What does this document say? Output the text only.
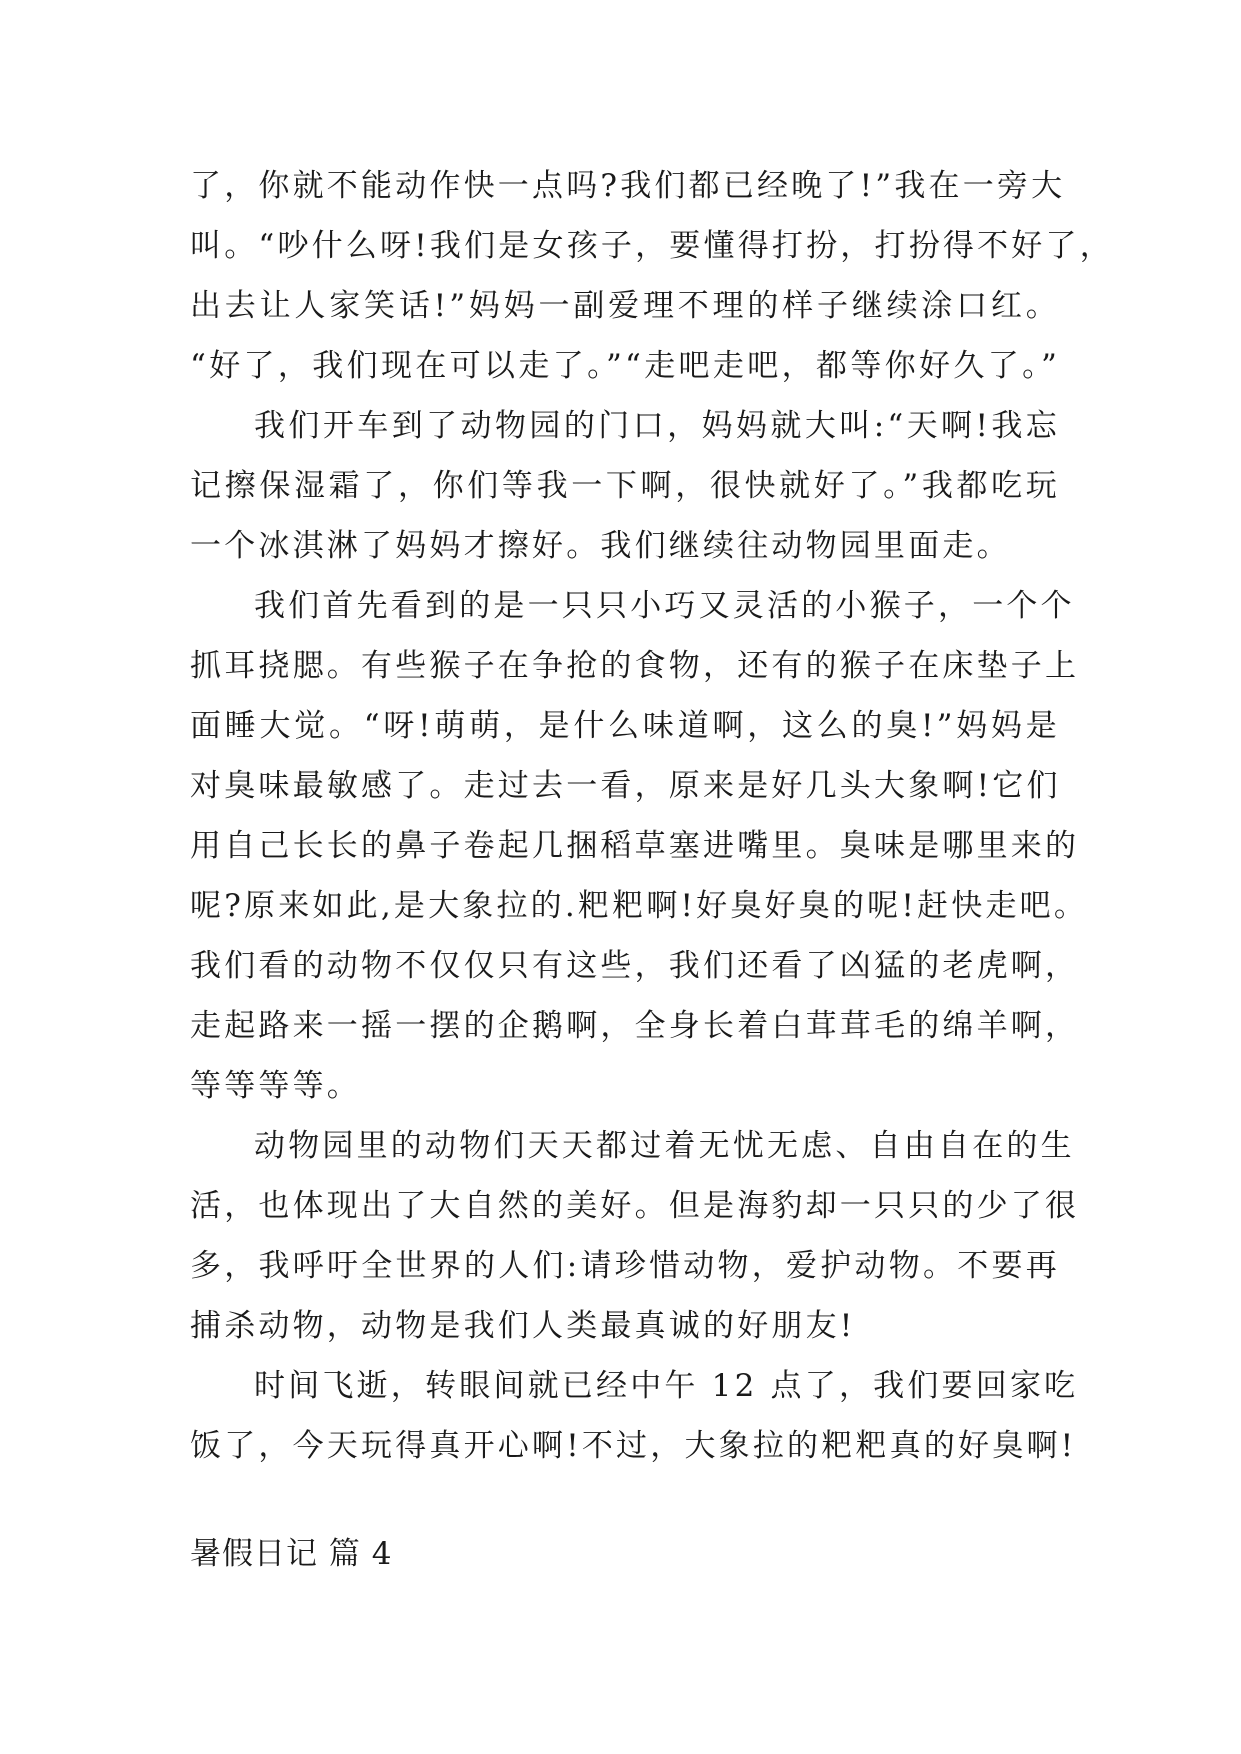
了，你就不能动作快一点吗?我们都已经晚了!”我在一旁大
叫。“吵什么呀!我们是女孩子，要懂得打扮，打扮得不好了，
出去让人家笑话!”妈妈一副爱理不理的样子继续涂口红。
“好了，我们现在可以走了。”“走吧走吧，都等你好久了。”
我们开车到了动物园的门口，妈妈就大叫:“天啊!我忘
记擦保湿霜了，你们等我一下啊，很快就好了。”我都吃玩
一个冰淇淋了妈妈才擦好。我们继续往动物园里面走。
我们首先看到的是一只只小巧又灵活的小猴子，一个个
抓耳挠腮。有些猴子在争抢的食物，还有的猴子在床垫子上
面睡大觉。“呀!萌萌，是什么味道啊，这么的臭!”妈妈是
对臭味最敏感了。走过去一看，原来是好几头大象啊!它们
用自己长长的鼻子卷起几捆稻草塞进嘴里。臭味是哪里来的
呢?原来如此,是大象拉的.粑粑啊!好臭好臭的呢!赶快走吧。
我们看的动物不仅仅只有这些，我们还看了凶猛的老虎啊，
走起路来一摇一摆的企鹅啊，全身长着白茸茸毛的绵羊啊，
等等等等。
动物园里的动物们天天都过着无忧无虑、自由自在的生
活，也体现出了大自然的美好。但是海豹却一只只的少了很
多，我呼吁全世界的人们:请珍惜动物，爱护动物。不要再
捕杀动物，动物是我们人类最真诚的好朋友!
时间飞逝，转眼间就已经中午 12 点了，我们要回家吃
饭了，今天玩得真开心啊!不过，大象拉的粑粑真的好臭啊!
暑假日记 篇 4
